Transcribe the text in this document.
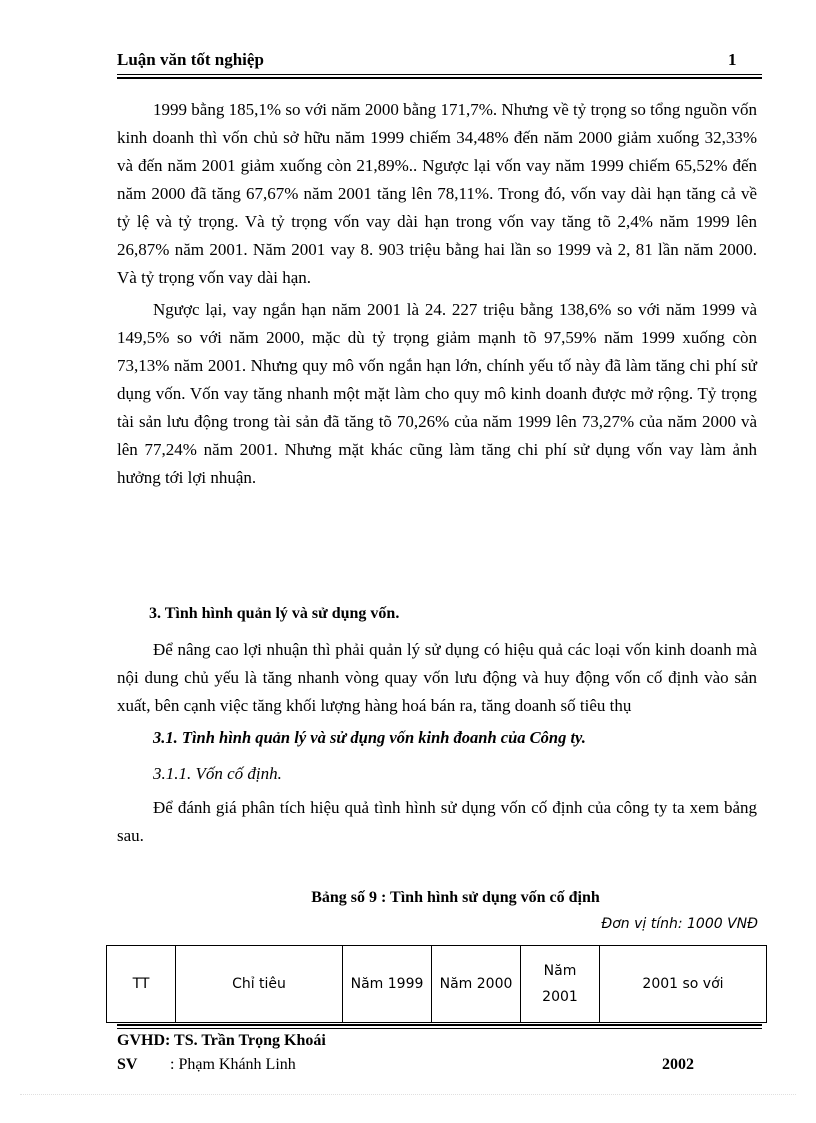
Luận văn tốt nghiệp	1

1999 bằng 185,1% so với năm 2000 bằng 171,7%. Nhưng về tỷ trọng so tổng nguồn vốn kinh doanh thì vốn chủ sở hữu năm 1999 chiếm 34,48% đến năm 2000 giảm xuống 32,33% và đến năm 2001 giảm xuống còn 21,89%.. Ngược lại vốn vay năm 1999 chiếm 65,52% đến năm 2000 đã tăng 67,67% năm 2001 tăng lên 78,11%. Trong đó, vốn vay dài hạn tăng cả về tỷ lệ và tỷ trọng. Và tỷ trọng vốn vay dài hạn trong vốn vay tăng tõ 2,4% năm 1999 lên 26,87% năm 2001. Năm 2001 vay 8. 903 triệu bằng hai lần so 1999 và 2, 81 lần năm 2000. Và tỷ trọng vốn vay dài hạn.

Ngược lại, vay ngắn hạn năm 2001 là 24. 227 triệu bằng 138,6% so với năm 1999 và 149,5% so với năm 2000, mặc dù tỷ trọng giảm mạnh tõ 97,59% năm 1999 xuống còn 73,13% năm 2001. Nhưng quy mô vốn ngắn hạn lớn, chính yếu tố này đã làm tăng chi phí sử dụng vốn. Vốn vay tăng nhanh một mặt làm cho quy mô kinh doanh được mở rộng. Tỷ trọng tài sản lưu động trong tài sản đã tăng tõ 70,26% của năm 1999 lên 73,27% của năm 2000 và lên 77,24% năm 2001. Nhưng mặt khác cũng làm tăng chi phí sử dụng vốn vay làm ảnh hưởng tới lợi nhuận.

3. Tình hình quản lý và sử dụng vốn.

Để nâng cao lợi nhuận thì phải quản lý sử dụng có hiệu quả các loại vốn kinh doanh mà nội dung chủ yếu là tăng nhanh vòng quay vốn lưu động và huy động vốn cố định vào sản xuất, bên cạnh việc tăng khối lượng hàng hoá bán ra, tăng doanh số tiêu thụ

3.1. Tình hình quản lý và sử dụng vốn kinh đoanh của Công ty.
3.1.1. Vốn cố định.

Để đánh giá phân tích hiệu quả tình hình sử dụng vốn cố định của công ty ta xem bảng sau.

Bảng số 9 : Tình hình sử dụng vốn cố định
Đơn vị tính: 1000 VNĐ
TT	Chỉ tiêu	Năm 1999	Năm 2000	Năm 2001	2001 so với
GVHD: TS. Trần Trọng Khoái
SV : Phạm Khánh Linh	2002
